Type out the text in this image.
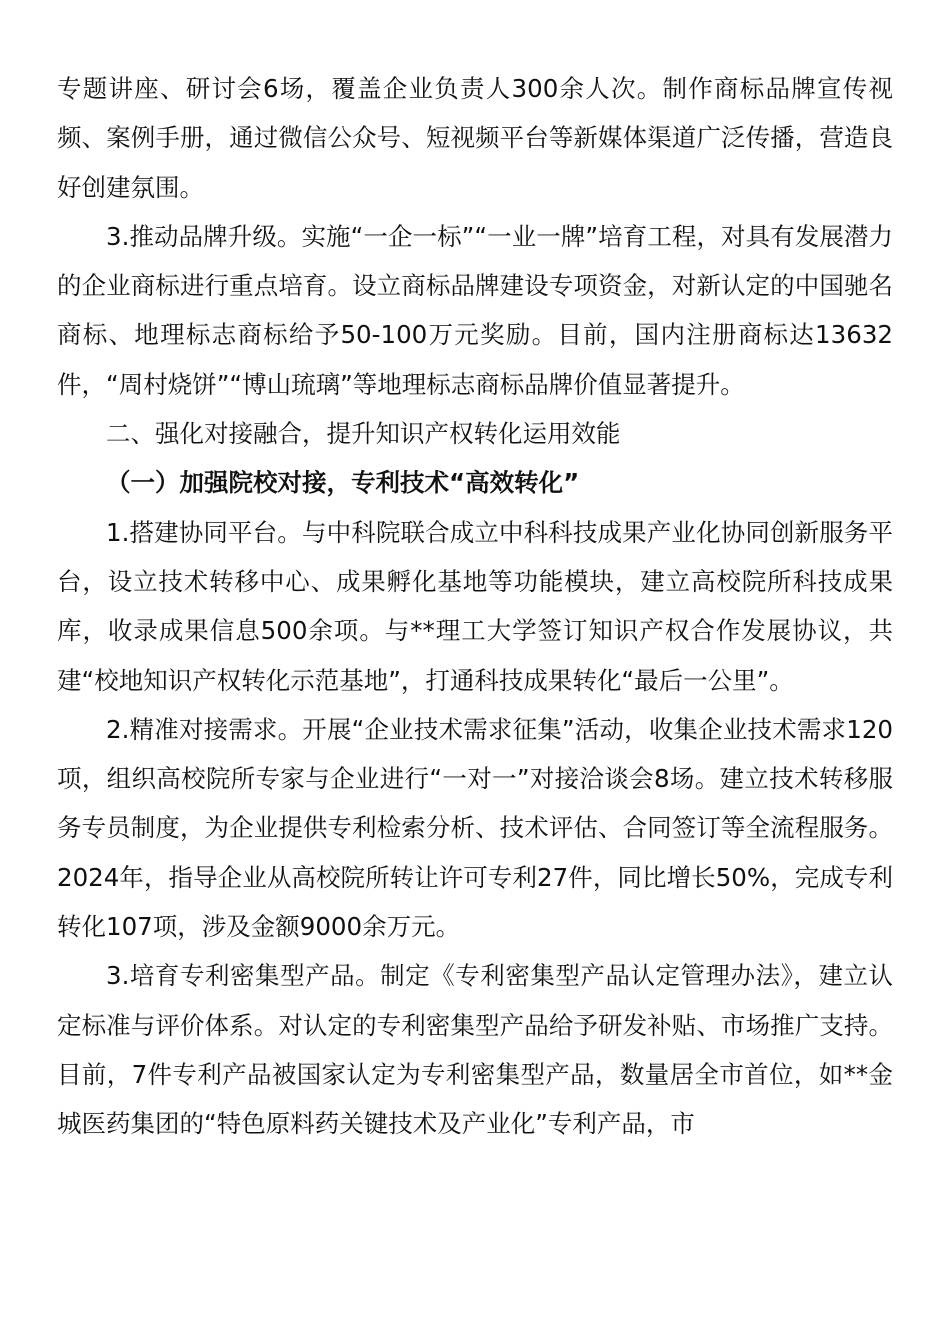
专题讲座、研讨会6场，覆盖企业负责人300余人次。制作商标品牌宣传视频、案例手册，通过微信公众号、短视频平台等新媒体渠道广泛传播，营造良好创建氛围。

3.推动品牌升级。实施“一企一标”“一业一牌”培育工程，对具有发展潜力的企业商标进行重点培育。设立商标品牌建设专项资金，对新认定的中国驰名商标、地理标志商标给予50-100万元奖励。目前，国内注册商标达13632件，“周村烧饼”“博山琉璃”等地理标志商标品牌价值显著提升。

二、强化对接融合，提升知识产权转化运用效能

（一）加强院校对接，专利技术“高效转化”

1.搭建协同平台。与中科院联合成立中科科技成果产业化协同创新服务平台，设立技术转移中心、成果孵化基地等功能模块，建立高校院所科技成果库，收录成果信息500余项。与**理工大学签订知识产权合作发展协议，共建“校地知识产权转化示范基地”，打通科技成果转化“最后一公里”。

2.精准对接需求。开展“企业技术需求征集”活动，收集企业技术需求120项，组织高校院所专家与企业进行“一对一”对接洽谈会8场。建立技术转移服务专员制度，为企业提供专利检索分析、技术评估、合同签订等全流程服务。2024年，指导企业从高校院所转让许可专利27件，同比增长50%，完成专利转化107项，涉及金额9000余万元。

3.培育专利密集型产品。制定《专利密集型产品认定管理办法》，建立认定标准与评价体系。对认定的专利密集型产品给予研发补贴、市场推广支持。目前，7件专利产品被国家认定为专利密集型产品，数量居全市首位，如**金城医药集团的“特色原料药关键技术及产业化”专利产品，市
